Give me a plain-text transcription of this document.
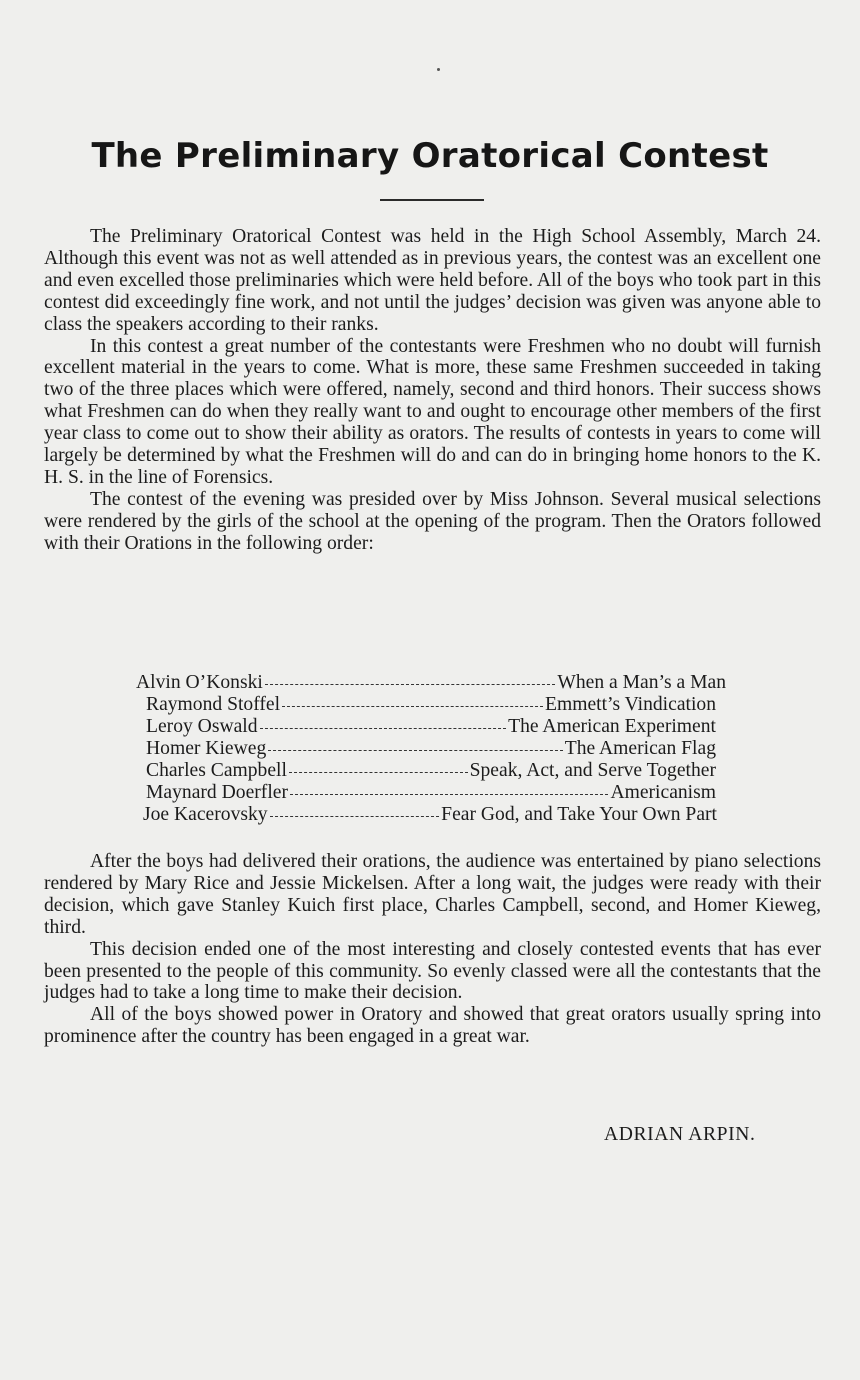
The Preliminary Oratorical Contest

The Preliminary Oratorical Contest was held in the High School Assembly, March 24. Although this event was not as well attended as in previous years, the contest was an excellent one and even excelled those preliminaries which were held before. All of the boys who took part in this contest did exceedingly fine work, and not until the judges’ decision was given was anyone able to class the speakers according to their ranks.

In this contest a great number of the contestants were Freshmen who no doubt will furnish excellent material in the years to come. What is more, these same Freshmen succeeded in taking two of the three places which were offered, namely, second and third honors. Their success shows what Freshmen can do when they really want to and ought to encourage other members of the first year class to come out to show their ability as orators. The results of contests in years to come will largely be determined by what the Freshmen will do and can do in bringing home honors to the K. H. S. in the line of Forensics.

The contest of the evening was presided over by Miss Johnson. Several musical selections were rendered by the girls of the school at the opening of the program. Then the Orators followed with their Orations in the following order:

Alvin O’Konski	When a Man’s a Man
Raymond Stoffel	Emmett’s Vindication
Leroy Oswald	The American Experiment
Homer Kieweg	The American Flag
Charles Campbell	Speak, Act, and Serve Together
Maynard Doerfler	Americanism
Joe Kacerovsky	Fear God, and Take Your Own Part

After the boys had delivered their orations, the audience was entertained by piano selections rendered by Mary Rice and Jessie Mickelsen. After a long wait, the judges were ready with their decision, which gave Stanley Kuich first place, Charles Campbell, second, and Homer Kieweg, third.

This decision ended one of the most interesting and closely contested events that has ever been presented to the people of this community. So evenly classed were all the contestants that the judges had to take a long time to make their decision.

All of the boys showed power in Oratory and showed that great orators usually spring into prominence after the country has been engaged in a great war.

ADRIAN ARPIN.
